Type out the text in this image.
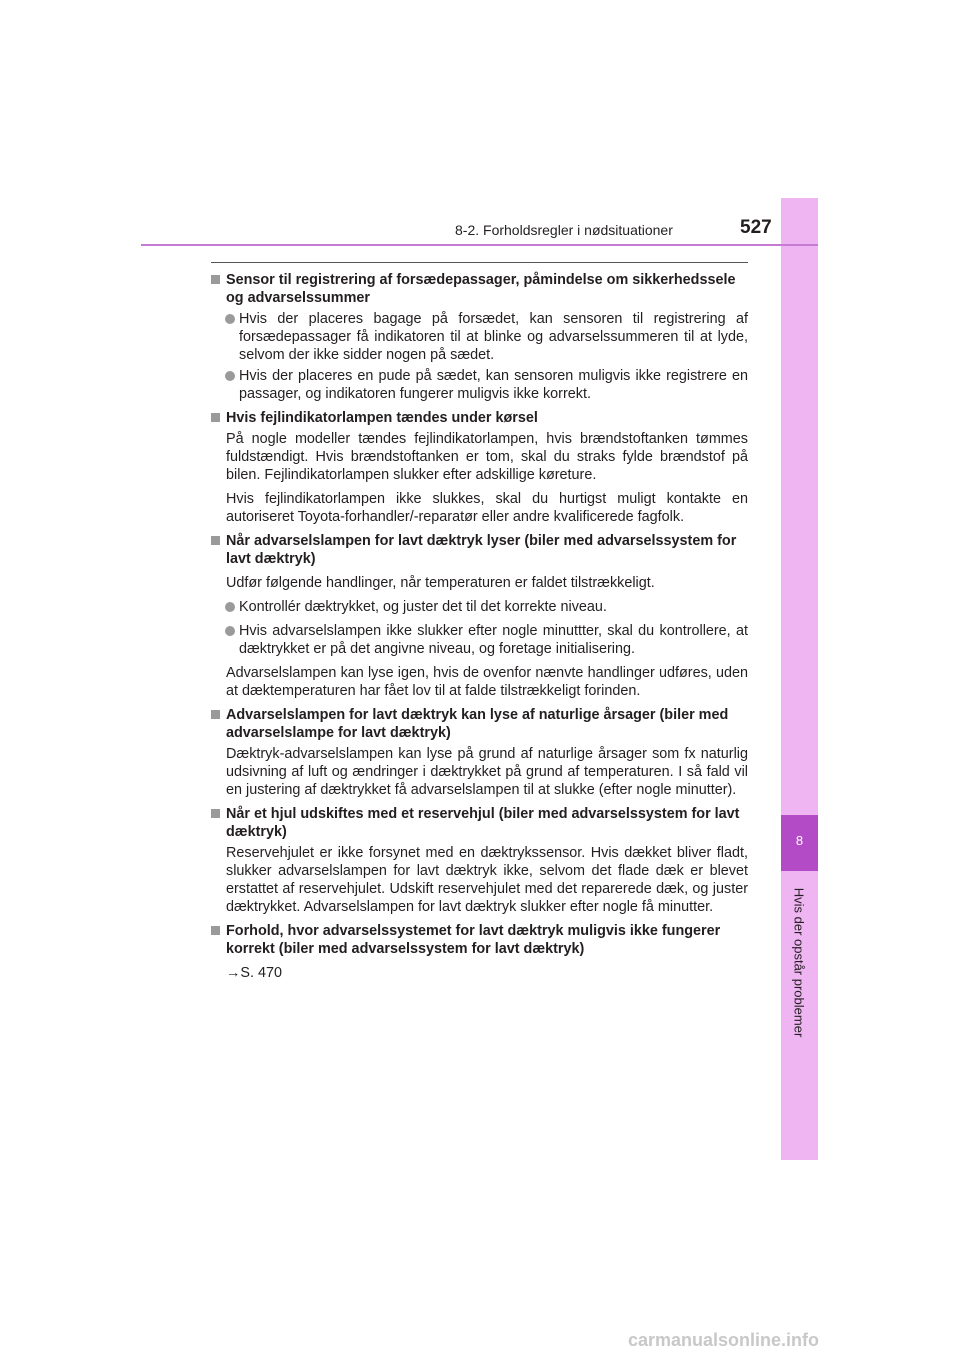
8
Hvis der opstår problemer
8-2. Forholdsregler i nødsituationer	527
Sensor til registrering af forsædepassager, påmindelse om sikkerhedssele og advarselssummer
Hvis der placeres bagage på forsædet, kan sensoren til registrering af forsædepassager få indikatoren til at blinke og advarselssummeren til at lyde, selvom der ikke sidder nogen på sædet.
Hvis der placeres en pude på sædet, kan sensoren muligvis ikke registrere en passager, og indikatoren fungerer muligvis ikke korrekt.
Hvis fejlindikatorlampen tændes under kørsel
På nogle modeller tændes fejlindikatorlampen, hvis brændstoftanken tømmes fuldstændigt. Hvis brændstoftanken er tom, skal du straks fylde brændstof på bilen. Fejlindikatorlampen slukker efter adskillige køreture.
Hvis fejlindikatorlampen ikke slukkes, skal du hurtigst muligt kontakte en autoriseret Toyota-forhandler/-reparatør eller andre kvalificerede fagfolk.
Når advarselslampen for lavt dæktryk lyser (biler med advarselssystem for lavt dæktryk)
Udfør følgende handlinger, når temperaturen er faldet tilstrækkeligt.
Kontrollér dæktrykket, og juster det til det korrekte niveau.
Hvis advarselslampen ikke slukker efter nogle minuttter, skal du kontrollere, at dæktrykket er på det angivne niveau, og foretage initialisering.
Advarselslampen kan lyse igen, hvis de ovenfor nænvte handlinger udføres, uden at dæktemperaturen har fået lov til at falde tilstrækkeligt forinden.
Advarselslampen for lavt dæktryk kan lyse af naturlige årsager (biler med advarselslampe for lavt dæktryk)
Dæktryk-advarselslampen kan lyse på grund af naturlige årsager som fx naturlig udsivning af luft og ændringer i dæktrykket på grund af temperaturen. I så fald vil en justering af dæktrykket få advarselslampen til at slukke (efter nogle minutter).
Når et hjul udskiftes med et reservehjul (biler med advarselssystem for lavt dæktryk)
Reservehjulet er ikke forsynet med en dæktrykssensor. Hvis dækket bliver fladt, slukker advarselslampen for lavt dæktryk ikke, selvom det flade dæk er blevet erstattet af reservehjulet. Udskift reservehjulet med det reparerede dæk, og juster dæktrykket. Advarselslampen for lavt dæktryk slukker efter nogle få minutter.
Forhold, hvor advarselssystemet for lavt dæktryk muligvis ikke fungerer korrekt (biler med advarselssystem for lavt dæktryk)
→S. 470
carmanualsonline.info
